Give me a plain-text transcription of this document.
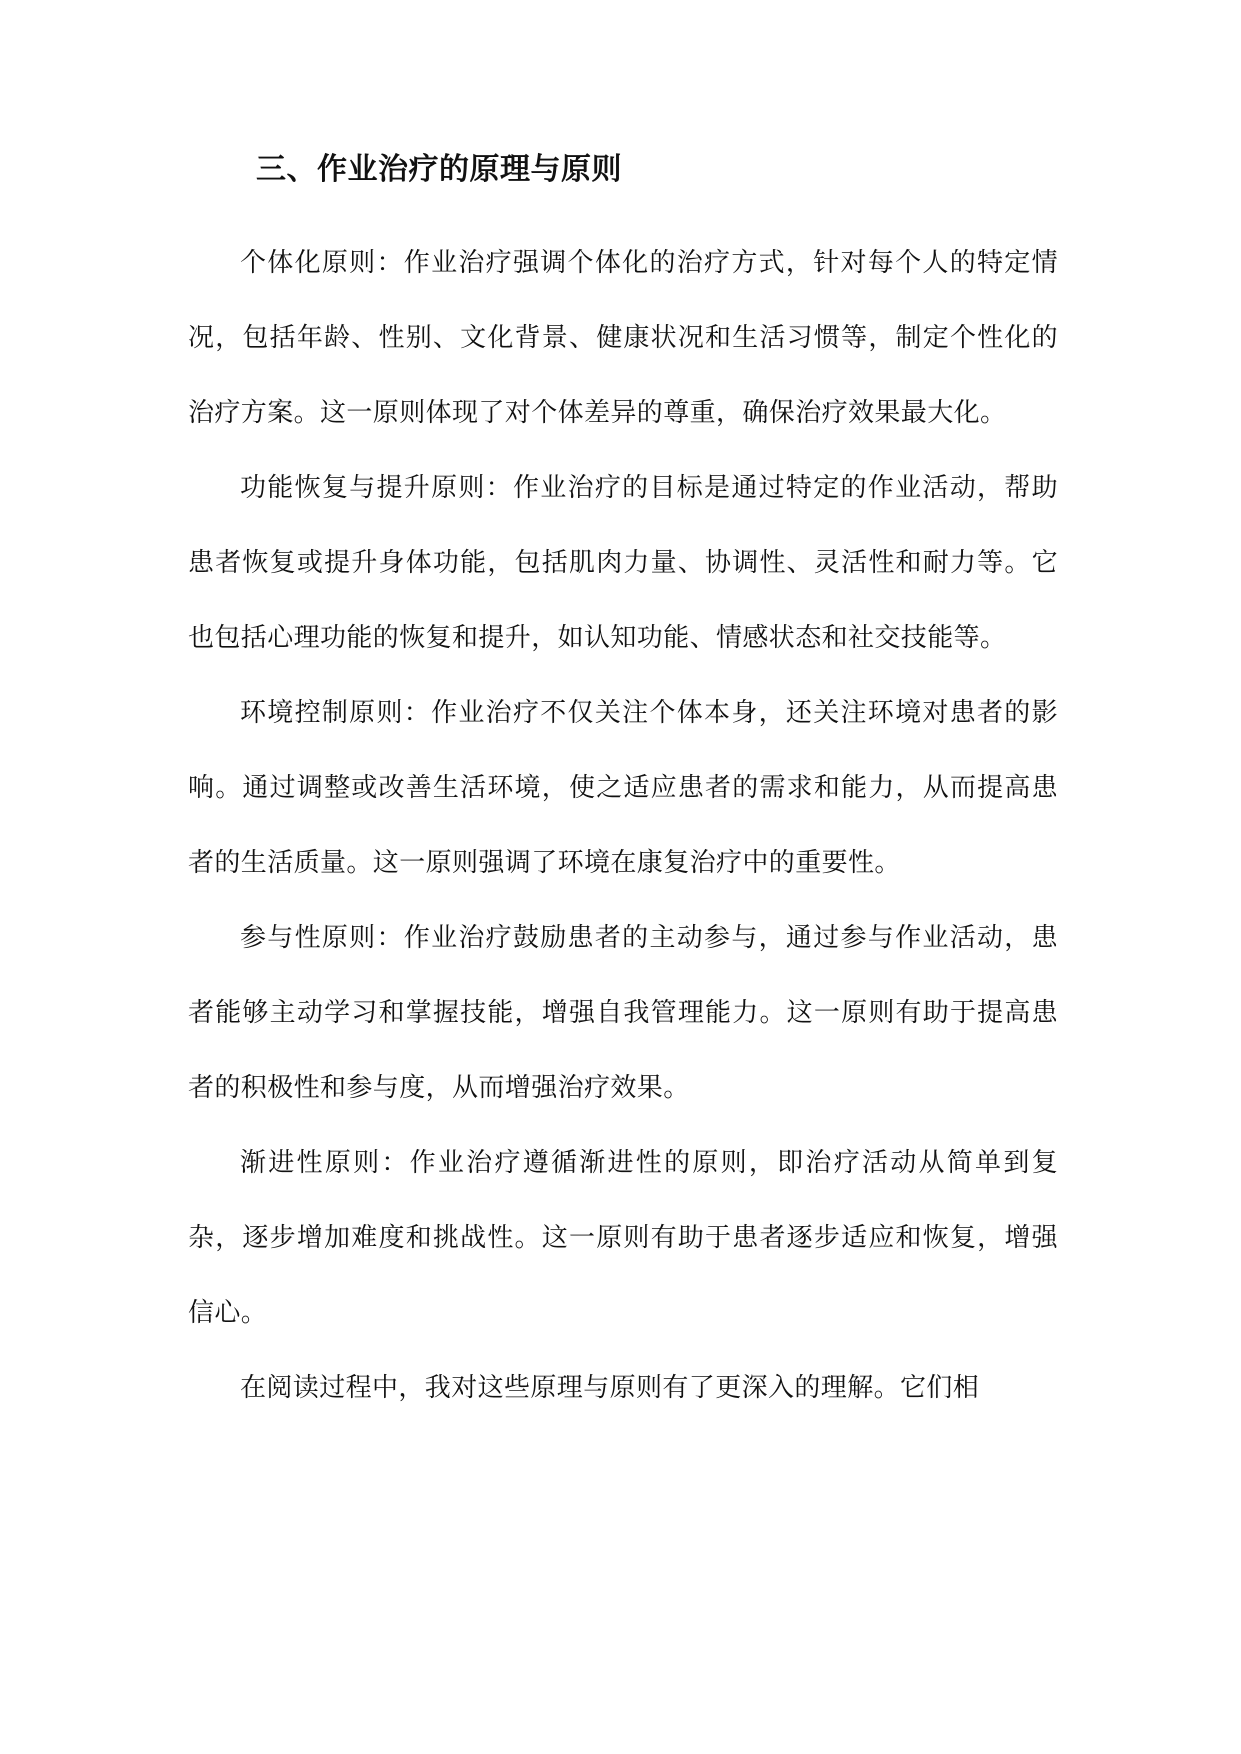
三、作业治疗的原理与原则

个体化原则：作业治疗强调个体化的治疗方式，针对每个人的特定情况，包括年龄、性别、文化背景、健康状况和生活习惯等，制定个性化的治疗方案。这一原则体现了对个体差异的尊重，确保治疗效果最大化。

功能恢复与提升原则：作业治疗的目标是通过特定的作业活动，帮助患者恢复或提升身体功能，包括肌肉力量、协调性、灵活性和耐力等。它也包括心理功能的恢复和提升，如认知功能、情感状态和社交技能等。

环境控制原则：作业治疗不仅关注个体本身，还关注环境对患者的影响。通过调整或改善生活环境，使之适应患者的需求和能力，从而提高患者的生活质量。这一原则强调了环境在康复治疗中的重要性。

参与性原则：作业治疗鼓励患者的主动参与，通过参与作业活动，患者能够主动学习和掌握技能，增强自我管理能力。这一原则有助于提高患者的积极性和参与度，从而增强治疗效果。

渐进性原则：作业治疗遵循渐进性的原则，即治疗活动从简单到复杂，逐步增加难度和挑战性。这一原则有助于患者逐步适应和恢复，增强信心。

在阅读过程中，我对这些原理与原则有了更深入的理解。它们相
